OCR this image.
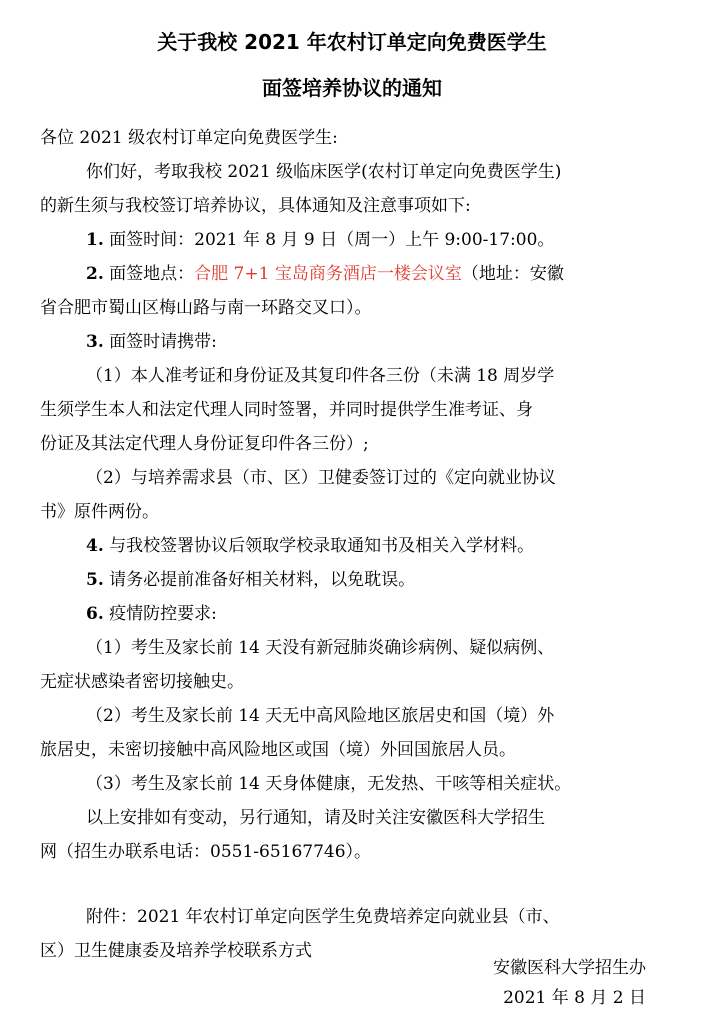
关于我校 2021 年农村订单定向免费医学生
面签培养协议的通知
各位 2021 级农村订单定向免费医学生:
你们好，考取我校 2021 级临床医学(农村订单定向免费医学生)
的新生须与我校签订培养协议，具体通知及注意事项如下:
1. 面签时间：2021 年 8 月 9 日（周一）上午 9:00-17:00。
2. 面签地点：合肥 7+1 宝岛商务酒店一楼会议室（地址：安徽
省合肥市蜀山区梅山路与南一环路交叉口）。
3. 面签时请携带:
（1）本人准考证和身份证及其复印件各三份（未满 18 周岁学
生须学生本人和法定代理人同时签署，并同时提供学生准考证、身
份证及其法定代理人身份证复印件各三份）;
（2）与培养需求县（市、区）卫健委签订过的《定向就业协议
书》原件两份。
4. 与我校签署协议后领取学校录取通知书及相关入学材料。
5. 请务必提前准备好相关材料，以免耽误。
6. 疫情防控要求:
（1）考生及家长前 14 天没有新冠肺炎确诊病例、疑似病例、
无症状感染者密切接触史。
（2）考生及家长前 14 天无中高风险地区旅居史和国（境）外
旅居史，未密切接触中高风险地区或国（境）外回国旅居人员。
（3）考生及家长前 14 天身体健康，无发热、干咳等相关症状。
以上安排如有变动，另行通知，请及时关注安徽医科大学招生
网（招生办联系电话：0551-65167746）。
附件：2021 年农村订单定向医学生免费培养定向就业县（市、
区）卫生健康委及培养学校联系方式
安徽医科大学招生办
2021 年 8 月 2 日
